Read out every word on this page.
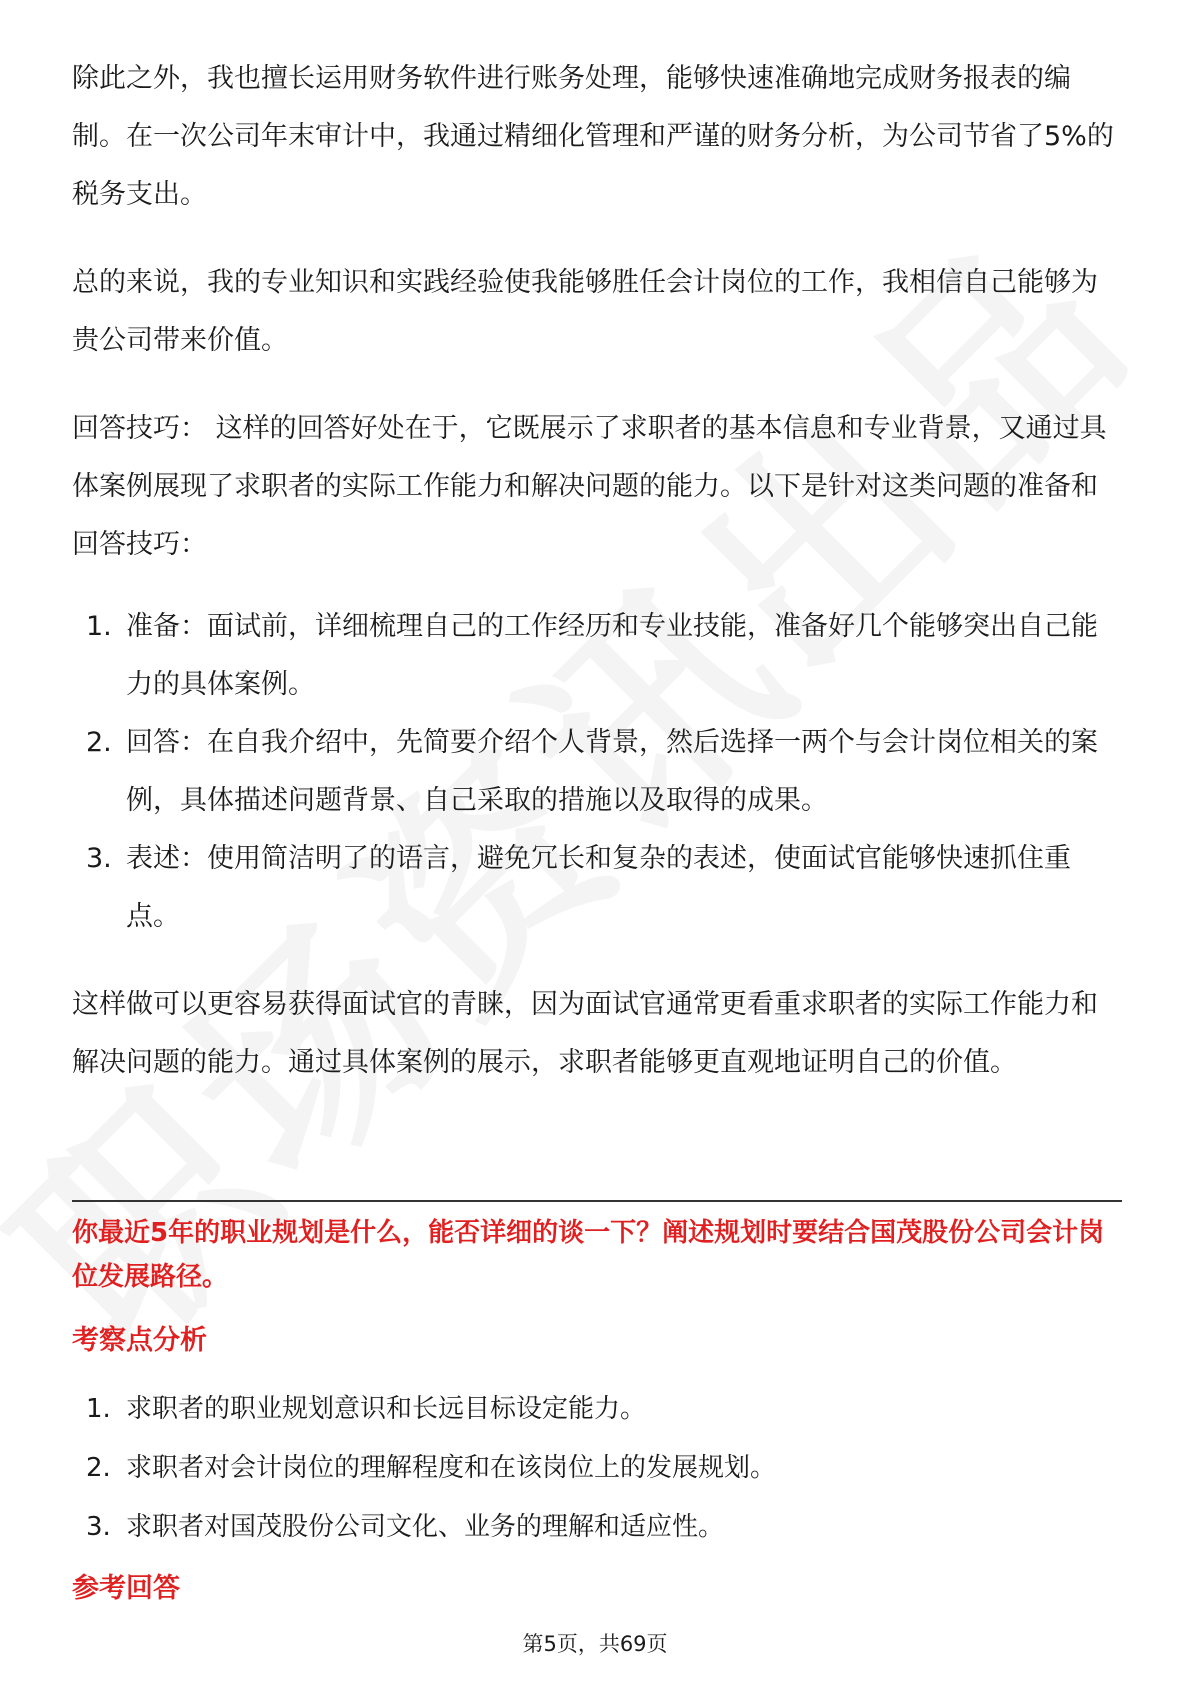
除此之外，我也擅长运用财务软件进行账务处理，能够快速准确地完成财务报表的编制。在一次公司年末审计中，我通过精细化管理和严谨的财务分析，为公司节省了5%的税务支出。

总的来说，我的专业知识和实践经验使我能够胜任会计岗位的工作，我相信自己能够为贵公司带来价值。

回答技巧： 这样的回答好处在于，它既展示了求职者的基本信息和专业背景，又通过具体案例展现了求职者的实际工作能力和解决问题的能力。以下是针对这类问题的准备和回答技巧：

1. 准备：面试前，详细梳理自己的工作经历和专业技能，准备好几个能够突出自己能力的具体案例。
2. 回答：在自我介绍中，先简要介绍个人背景，然后选择一两个与会计岗位相关的案例，具体描述问题背景、自己采取的措施以及取得的成果。
3. 表述：使用简洁明了的语言，避免冗长和复杂的表述，使面试官能够快速抓住重点。

这样做可以更容易获得面试官的青睐，因为面试官通常更看重求职者的实际工作能力和解决问题的能力。通过具体案例的展示，求职者能够更直观地证明自己的价值。

你最近5年的职业规划是什么，能否详细的谈一下？阐述规划时要结合国茂股份公司会计岗位发展路径。
考察点分析
1. 求职者的职业规划意识和长远目标设定能力。
2. 求职者对会计岗位的理解程度和在该岗位上的发展规划。
3. 求职者对国茂股份公司文化、业务的理解和适应性。
参考回答
第5页，共69页
